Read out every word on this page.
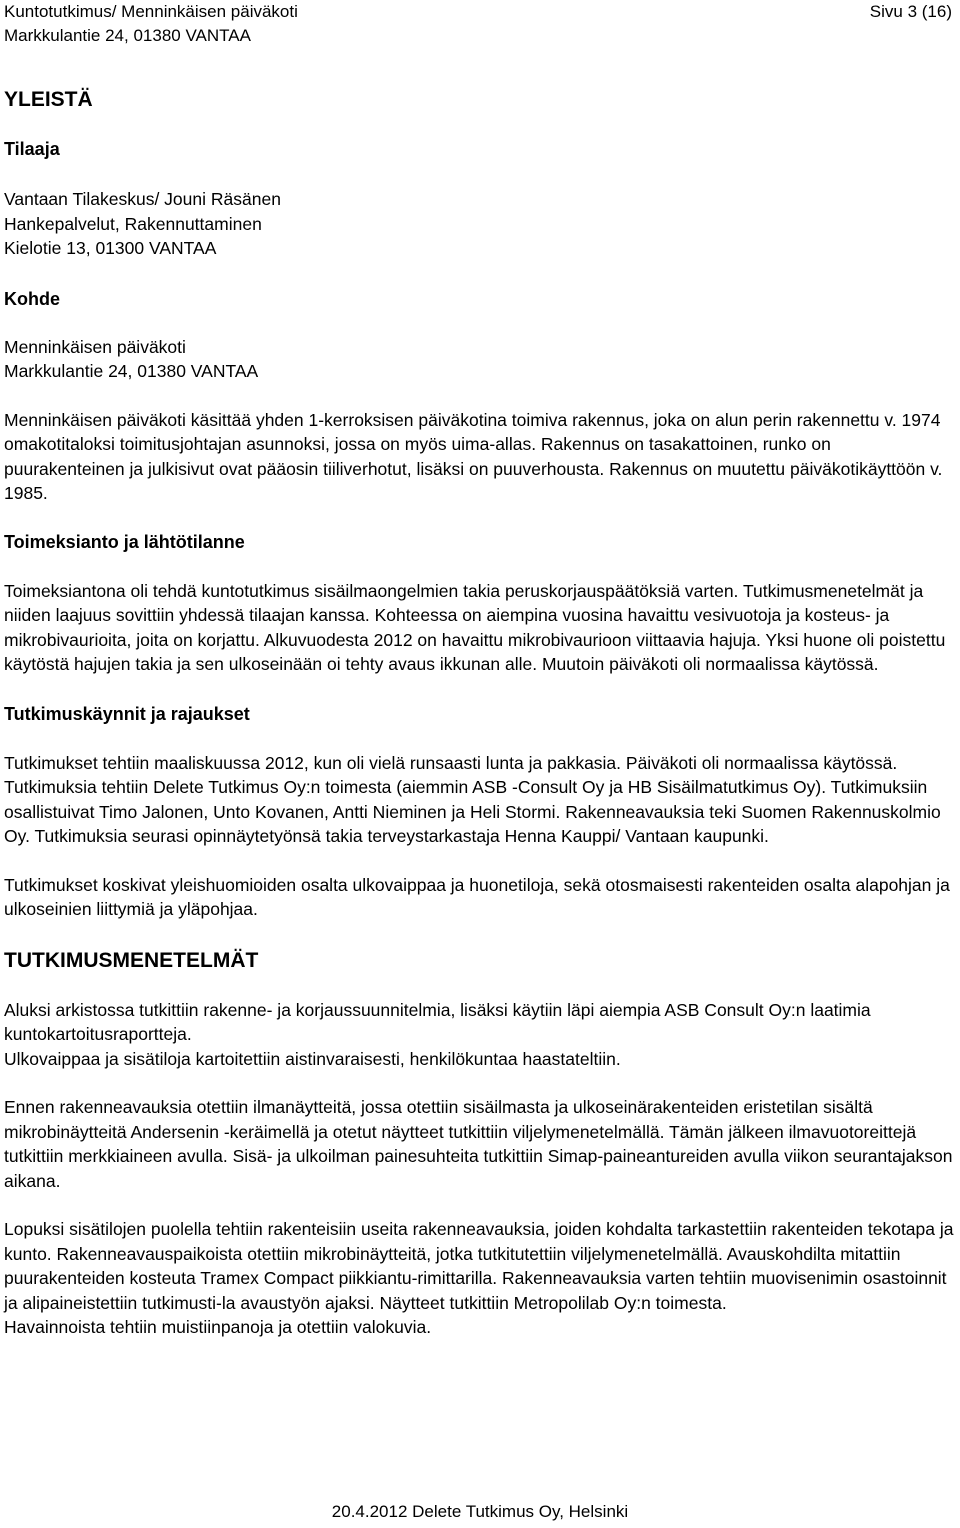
Kuntotutkimus/ Menninkäisen päiväkoti
Markkulantie 24, 01380 VANTAA
Sivu 3 (16)
YLEISTÄ
Tilaaja

Vantaan Tilakeskus/ Jouni Räsänen

Hankepalvelut, Rakennuttaminen

Kielotie 13, 01300 VANTAA

Kohde

Menninkäisen päiväkoti

Markkulantie 24, 01380 VANTAA

Menninkäisen päiväkoti käsittää yhden 1-kerroksisen päiväkotina toimiva rakennus, joka on alun perin rakennettu v. 1974 omakotitaloksi toimitusjohtajan asunnoksi, jossa on myös uima-allas. Rakennus on tasakattoinen, runko on puurakenteinen ja julkisivut ovat pääosin tiiliverhotut, lisäksi on puuverhousta. Rakennus on muutettu päiväkotikäyttöön v. 1985.

Toimeksianto ja lähtötilanne

Toimeksiantona oli tehdä kuntotutkimus sisäilmaongelmien takia peruskorjauspäätöksiä varten. Tutkimusmenetelmät ja niiden laajuus sovittiin yhdessä tilaajan kanssa. Kohteessa on aiempina vuosina havaittu vesivuotoja ja kosteus- ja mikrobivaurioita, joita on korjattu. Alkuvuodesta 2012 on havaittu mikrobivaurioon viittaavia hajuja. Yksi huone oli poistettu käytöstä hajujen takia ja sen ulkoseinään oi tehty avaus ikkunan alle. Muutoin päiväkoti oli normaalissa käytössä.

Tutkimuskäynnit ja rajaukset

Tutkimukset tehtiin maaliskuussa 2012, kun oli vielä runsaasti lunta ja pakkasia. Päiväkoti oli normaalissa käytössä. Tutkimuksia tehtiin Delete Tutkimus Oy:n toimesta (aiemmin ASB -Consult Oy ja HB Sisäilmatutkimus Oy). Tutkimuksiin osallistuivat Timo Jalonen, Unto Kovanen, Antti Nieminen ja Heli Stormi. Rakenneavauksia teki Suomen Rakennuskolmio Oy. Tutkimuksia seurasi opinnäytetyönsä takia terveystarkastaja Henna Kauppi/ Vantaan kaupunki.

Tutkimukset koskivat yleishuomioiden osalta ulkovaippaa ja huonetiloja, sekä otosmaisesti rakenteiden osalta alapohjan ja ulkoseinien liittymiä ja yläpohjaa.

TUTKIMUSMENETELMÄT

Aluksi arkistossa tutkittiin rakenne- ja korjaussuunnitelmia, lisäksi käytiin läpi aiempia ASB Consult Oy:n laatimia kuntokartoitusraportteja.

Ulkovaippaa ja sisätiloja kartoitettiin aistinvaraisesti, henkilökuntaa haastateltiin.

Ennen rakenneavauksia otettiin ilmanäytteitä, jossa otettiin sisäilmasta ja ulkoseinärakenteiden eristetilan sisältä mikrobinäytteitä Andersenin -keräimellä ja otetut näytteet tutkittiin viljelymenetelmällä. Tämän jälkeen ilmavuotoreittejä tutkittiin merkkiaineen avulla. Sisä- ja ulkoilman painesuhteita tutkittiin Simap-paineantureiden avulla viikon seurantajakson aikana.

Lopuksi sisätilojen puolella tehtiin rakenteisiin useita rakenneavauksia, joiden kohdalta tarkastettiin rakenteiden tekotapa ja kunto. Rakenneavauspaikoista otettiin mikrobinäytteitä, jotka tutkitutettiin viljelymenetelmällä. Avauskohdilta mitattiin puurakenteiden kosteuta Tramex Compact piikkiantu-rimittarilla. Rakenneavauksia varten tehtiin muovisenimin osastoinnit ja alipaineistettiin tutkimusti-la avaustyön ajaksi. Näytteet tutkittiin Metropolilab Oy:n toimesta.

Havainnoista tehtiin muistiinpanoja ja otettiin valokuvia.

20.4.2012 Delete Tutkimus Oy, Helsinki
